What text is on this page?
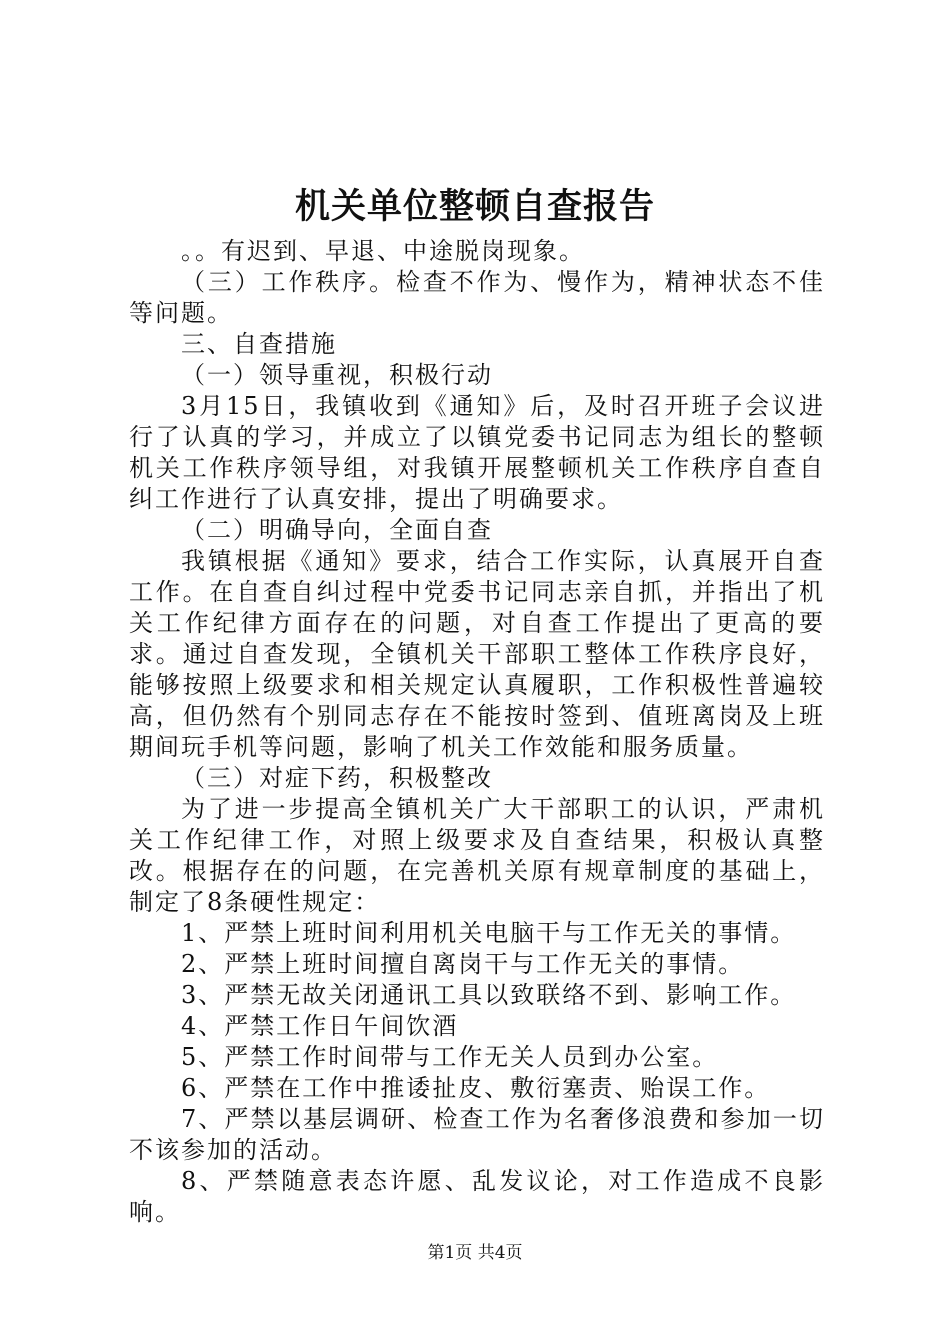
机关单位整顿自查报告

。。有迟到、早退、中途脱岗现象。

（三）工作秩序。检查不作为、慢作为，精神状态不佳等问题。

三、自查措施

（一）领导重视，积极行动

3月15日，我镇收到《通知》后，及时召开班子会议进行了认真的学习，并成立了以镇党委书记同志为组长的整顿机关工作秩序领导组，对我镇开展整顿机关工作秩序自查自纠工作进行了认真安排，提出了明确要求。

（二）明确导向，全面自查

我镇根据《通知》要求，结合工作实际，认真展开自查工作。在自查自纠过程中党委书记同志亲自抓，并指出了机关工作纪律方面存在的问题，对自查工作提出了更高的要求。通过自查发现，全镇机关干部职工整体工作秩序良好，能够按照上级要求和相关规定认真履职，工作积极性普遍较高，但仍然有个别同志存在不能按时签到、值班离岗及上班期间玩手机等问题，影响了机关工作效能和服务质量。

（三）对症下药，积极整改

为了进一步提高全镇机关广大干部职工的认识，严肃机关工作纪律工作，对照上级要求及自查结果，积极认真整改。根据存在的问题，在完善机关原有规章制度的基础上，制定了8条硬性规定：

1、严禁上班时间利用机关电脑干与工作无关的事情。

2、严禁上班时间擅自离岗干与工作无关的事情。

3、严禁无故关闭通讯工具以致联络不到、影响工作。

4、严禁工作日午间饮酒

5、严禁工作时间带与工作无关人员到办公室。

6、严禁在工作中推诿扯皮、敷衍塞责、贻误工作。

7、严禁以基层调研、检查工作为名奢侈浪费和参加一切不该参加的活动。

8、严禁随意表态许愿、乱发议论，对工作造成不良影响。

第1页 共4页
